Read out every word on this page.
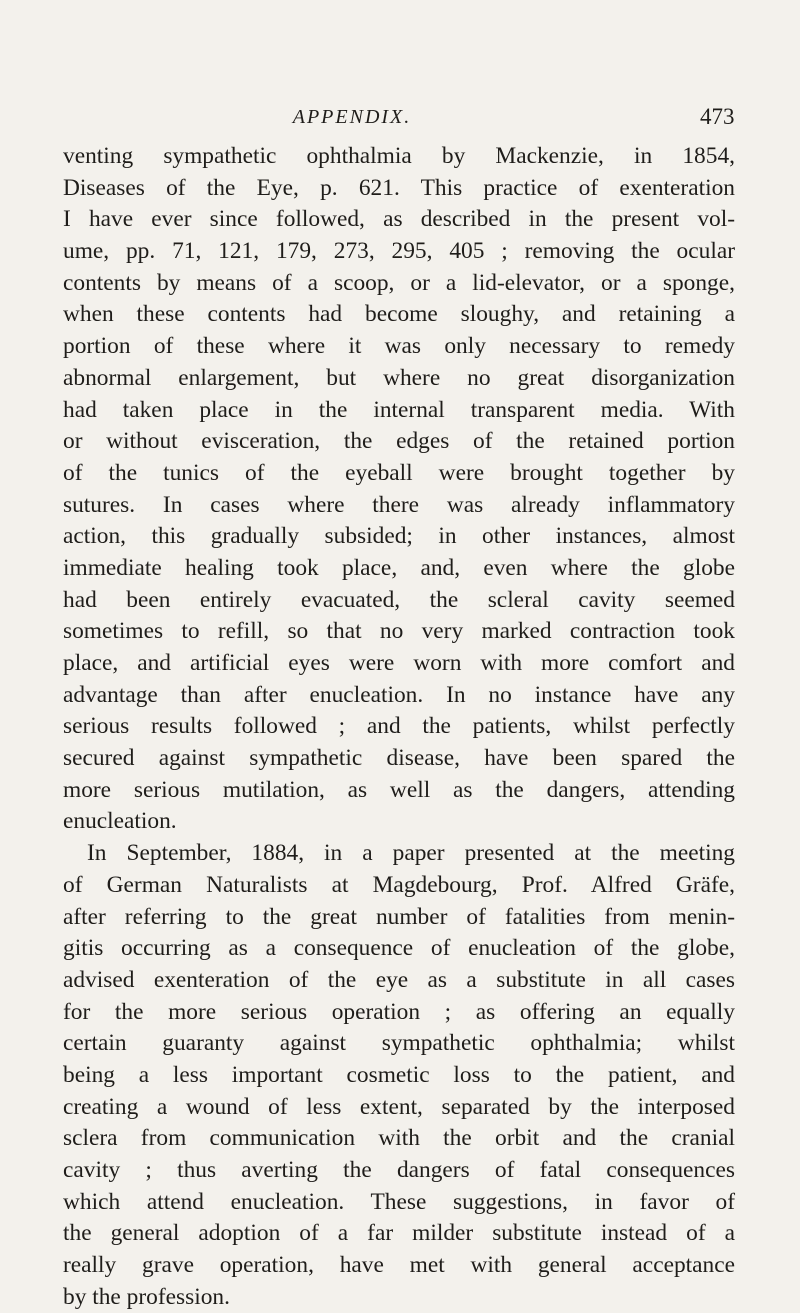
APPENDIX.	473
venting sympathetic ophthalmia by Mackenzie, in 1854,
Diseases of the Eye, p. 621. This practice of exenteration
I have ever since followed, as described in the present vol-
ume, pp. 71, 121, 179, 273, 295, 405 ; removing the ocular
contents by means of a scoop, or a lid-elevator, or a sponge,
when these contents had become sloughy, and retaining a
portion of these where it was only necessary to remedy
abnormal enlargement, but where no great disorganization
had taken place in the internal transparent media. With
or without evisceration, the edges of the retained portion
of the tunics of the eyeball were brought together by
sutures. In cases where there was already inflammatory
action, this gradually subsided; in other instances, almost
immediate healing took place, and, even where the globe
had been entirely evacuated, the scleral cavity seemed
sometimes to refill, so that no very marked contraction took
place, and artificial eyes were worn with more comfort and
advantage than after enucleation. In no instance have any
serious results followed ; and the patients, whilst perfectly
secured against sympathetic disease, have been spared the
more serious mutilation, as well as the dangers, attending
enucleation.
In September, 1884, in a paper presented at the meeting
of German Naturalists at Magdebourg, Prof. Alfred Gräfe,
after referring to the great number of fatalities from menin-
gitis occurring as a consequence of enucleation of the globe,
advised exenteration of the eye as a substitute in all cases
for the more serious operation ; as offering an equally
certain guaranty against sympathetic ophthalmia; whilst
being a less important cosmetic loss to the patient, and
creating a wound of less extent, separated by the interposed
sclera from communication with the orbit and the cranial
cavity ; thus averting the dangers of fatal consequences
which attend enucleation. These suggestions, in favor of
the general adoption of a far milder substitute instead of a
really grave operation, have met with general acceptance
by the profession.
